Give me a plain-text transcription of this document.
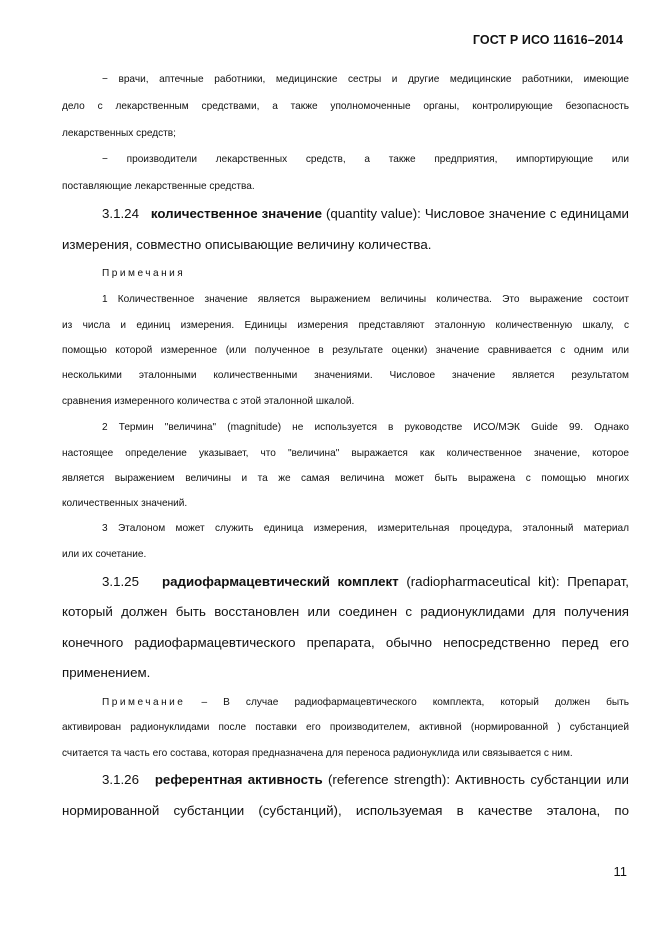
ГОСТ Р ИСО 11616–2014
− врачи, аптечные работники, медицинские сестры и другие медицинские работники, имеющие
дело с лекарственным средствами, а также уполномоченные органы, контролирующие безопасность
лекарственных средств;
− производители лекарственных средств, а также предприятия, импортирующие или
поставляющие лекарственные средства.
3.1.24 количественное значение (quantity value): Числовое значение с единицами
измерения, совместно описывающие величину количества.
Примечания
1 Количественное значение является выражением величины количества. Это выражение состоит
из числа и единиц измерения. Единицы измерения представляют эталонную количественную шкалу, с
помощью которой измеренное (или полученное в результате оценки) значение сравнивается с одним или
несколькими эталонными количественными значениями. Числовое значение является результатом
сравнения измеренного количества с этой эталонной шкалой.
2 Термин "величина" (magnitude) не используется в руководстве ИСО/МЭК Guide 99. Однако
настоящее определение указывает, что "величина" выражается как количественное значение, которое
является выражением величины и та же самая величина может быть выражена с помощью многих
количественных значений.
3 Эталоном может служить единица измерения, измерительная процедура, эталонный материал
или их сочетание.
3.1.25 радиофармацевтический комплект (radiopharmaceutical kit): Препарат,
который должен быть восстановлен или соединен с радионуклидами для получения
конечного радиофармацевтического препарата, обычно непосредственно перед его
применением.
Примечание – В случае радиофармацевтического комплекта, который должен быть
активирован радионуклидами после поставки его производителем, активной (нормированной ) субстанцией
считается та часть его состава, которая предназначена для переноса радионуклида или связывается с ним.
3.1.26 референтная активность (reference strength): Активность субстанции или
нормированной субстанции (субстанций), используемая в качестве эталона, по
11
